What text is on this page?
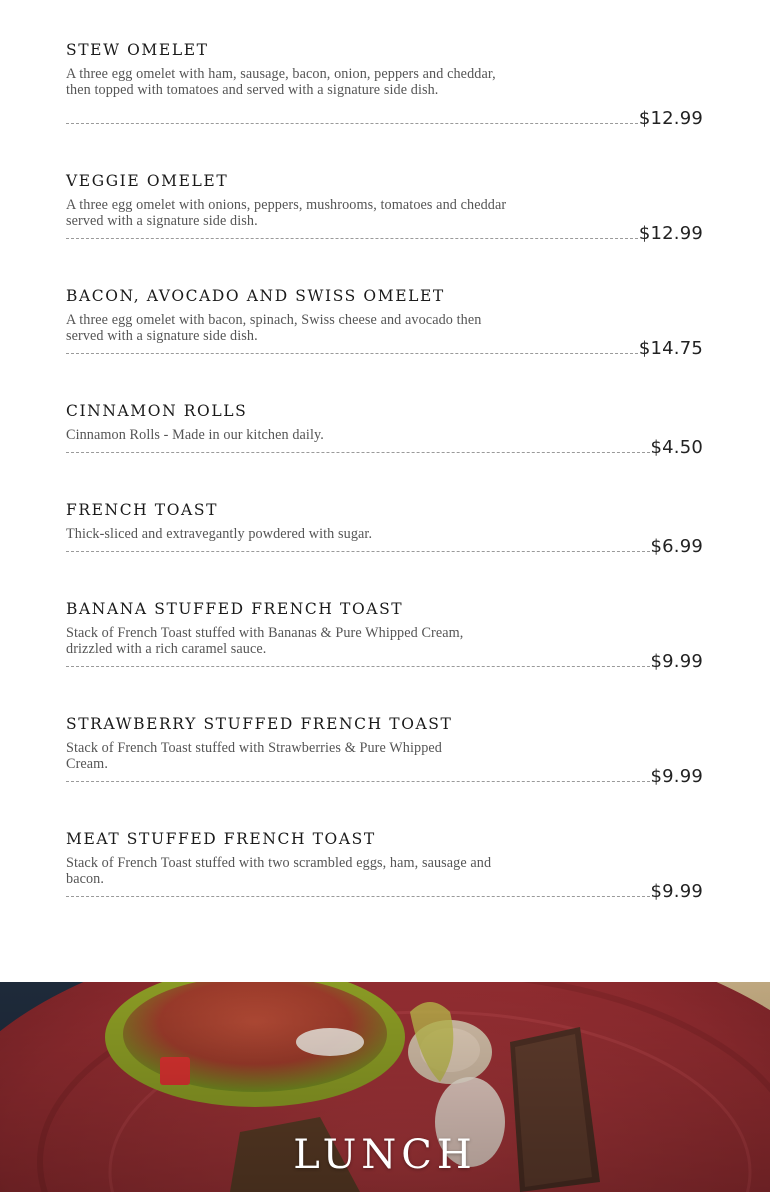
STEW OMELET
A three egg omelet with ham, sausage, bacon, onion, peppers and cheddar, then topped with tomatoes and served with a signature side dish.
$12.99
VEGGIE OMELET
A three egg omelet with onions, peppers, mushrooms, tomatoes and cheddar served with a signature side dish.
$12.99
BACON, AVOCADO AND SWISS OMELET
A three egg omelet with bacon, spinach, Swiss cheese and avocado then served with a signature side dish.
$14.75
CINNAMON ROLLS
Cinnamon Rolls - Made in our kitchen daily.
$4.50
FRENCH TOAST
Thick-sliced and extravegantly powdered with sugar.
$6.99
BANANA STUFFED FRENCH TOAST
Stack of French Toast stuffed with Bananas & Pure Whipped Cream, drizzled with a rich caramel sauce.
$9.99
STRAWBERRY STUFFED FRENCH TOAST
Stack of French Toast stuffed with Strawberries & Pure Whipped Cream.
$9.99
MEAT STUFFED FRENCH TOAST
Stack of French Toast stuffed with two scrambled eggs, ham, sausage and bacon.
$9.99
LUNCH
